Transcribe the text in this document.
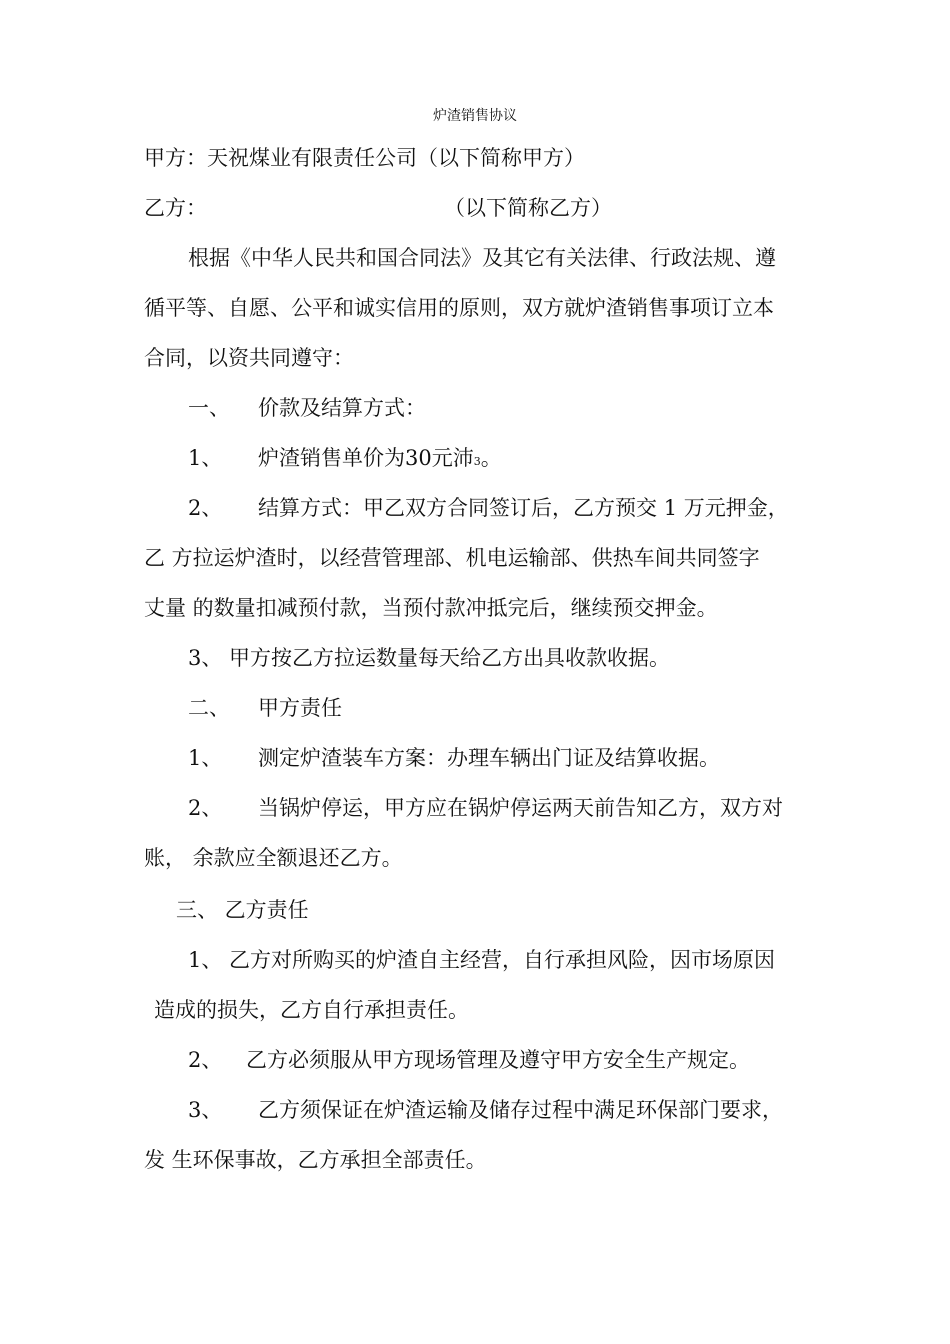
炉渣销售协议
甲方：天祝煤业有限责任公司（以下简称甲方）
乙方：	（以下简称乙方）
根据《中华人民共和国合同法》及其它有关法律、行政法规、遵
循平等、自愿、公平和诚实信用的原则，双方就炉渣销售事项订立本
合同，以资共同遵守：
一、 价款及结算方式：
1、 炉渣销售单价为30元沛3。
2、 结算方式：甲乙双方合同签订后，乙方预交 1 万元押金，
乙 方拉运炉渣时，以经营管理部、机电运输部、供热车间共同签字
丈量 的数量扣减预付款，当预付款冲抵完后，继续预交押金。
3、 甲方按乙方拉运数量每天给乙方出具收款收据。
二、 甲方责任
1、 测定炉渣装车方案：办理车辆出门证及结算收据。
2、 当锅炉停运，甲方应在锅炉停运两天前告知乙方，双方对
账， 余款应全额退还乙方。
三、 乙方责任
1、 乙方对所购买的炉渣自主经营，自行承担风险，因市场原因
造成的损失，乙方自行承担责任。
2、 乙方必须服从甲方现场管理及遵守甲方安全生产规定。
3、 乙方须保证在炉渣运输及储存过程中满足环保部门要求，
发 生环保事故，乙方承担全部责任。
